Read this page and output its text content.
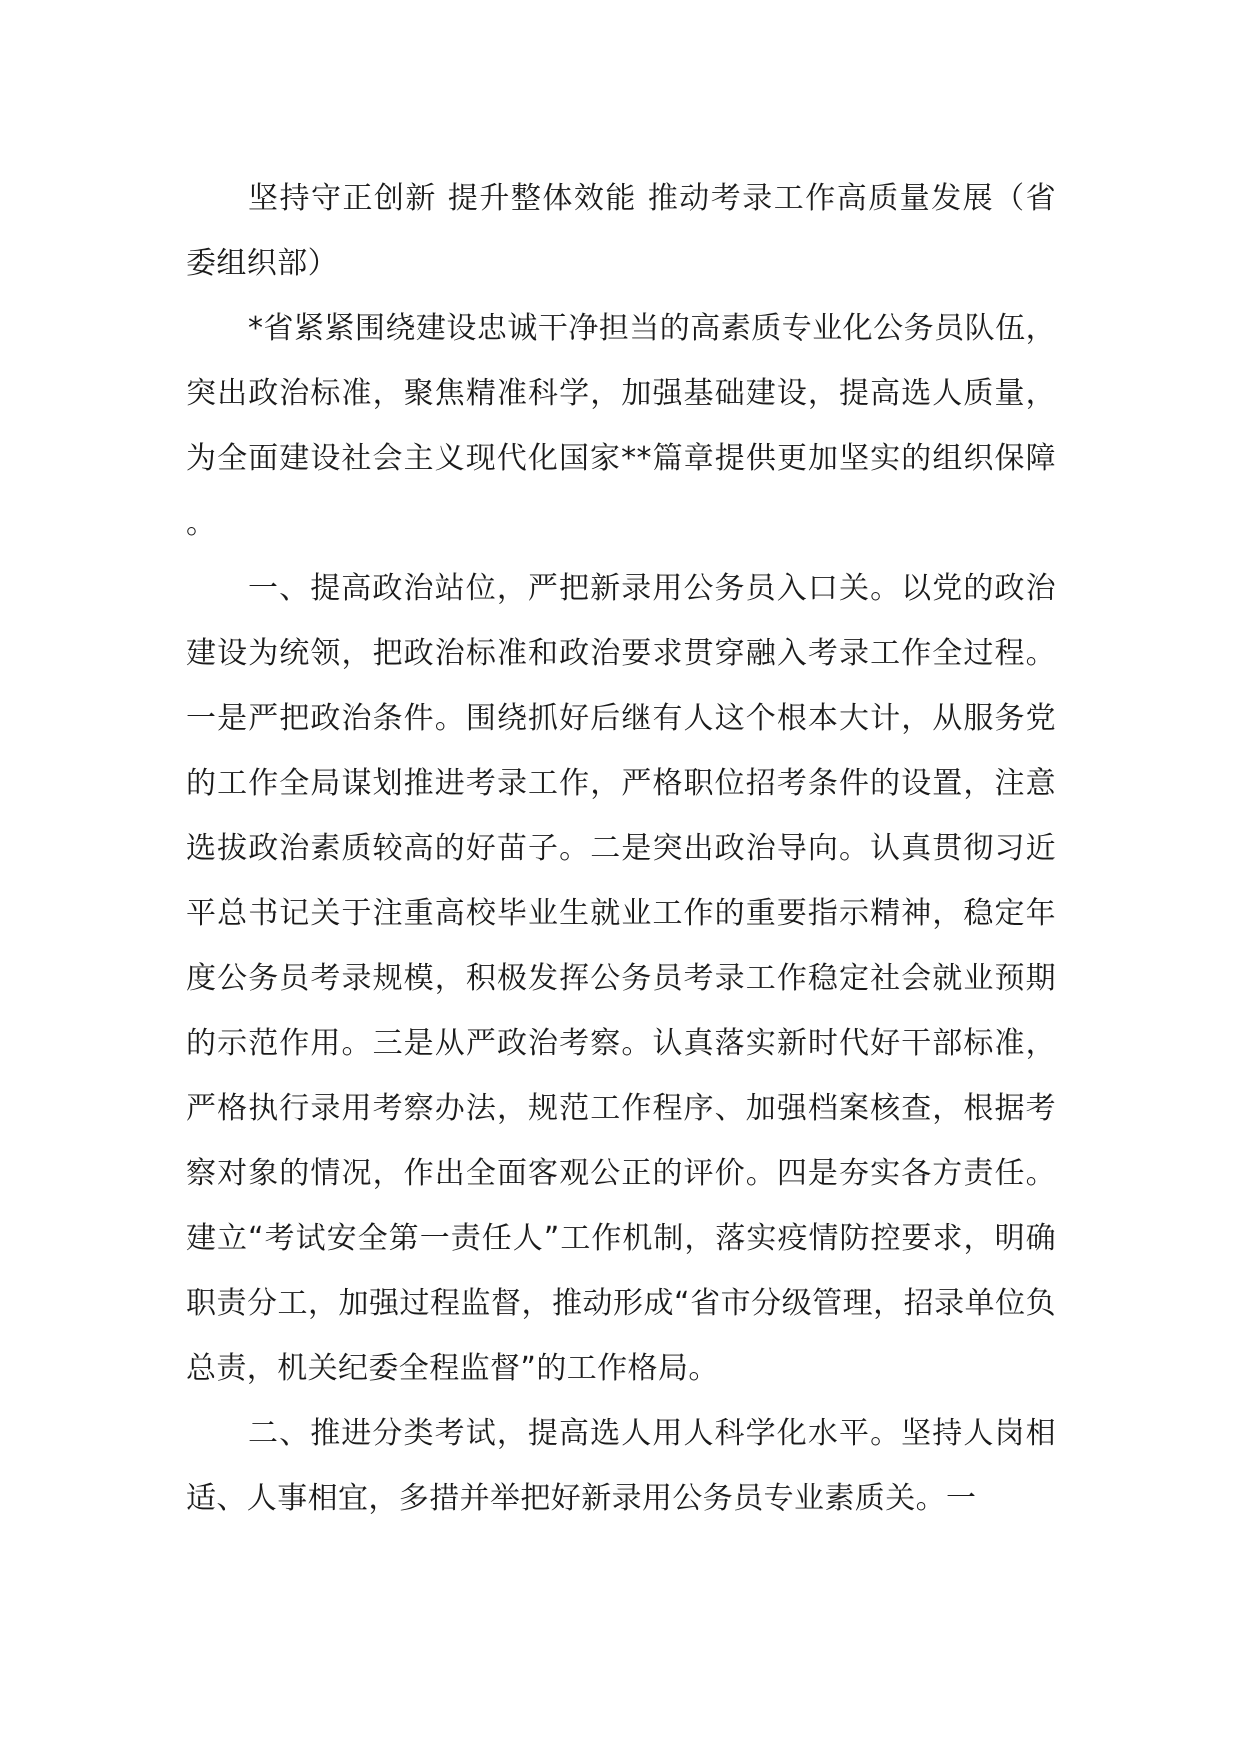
坚持守正创新 提升整体效能 推动考录工作高质量发展（省委组织部）

*省紧紧围绕建设忠诚干净担当的高素质专业化公务员队伍，突出政治标准，聚焦精准科学，加强基础建设，提高选人质量，为全面建设社会主义现代化国家**篇章提供更加坚实的组织保障。

一、提高政治站位，严把新录用公务员入口关。以党的政治建设为统领，把政治标准和政治要求贯穿融入考录工作全过程。一是严把政治条件。围绕抓好后继有人这个根本大计，从服务党的工作全局谋划推进考录工作，严格职位招考条件的设置，注意选拔政治素质较高的好苗子。二是突出政治导向。认真贯彻习近平总书记关于注重高校毕业生就业工作的重要指示精神，稳定年度公务员考录规模，积极发挥公务员考录工作稳定社会就业预期的示范作用。三是从严政治考察。认真落实新时代好干部标准，严格执行录用考察办法，规范工作程序、加强档案核查，根据考察对象的情况，作出全面客观公正的评价。四是夯实各方责任。建立“考试安全第一责任人”工作机制，落实疫情防控要求，明确职责分工，加强过程监督，推动形成“省市分级管理，招录单位负总责，机关纪委全程监督”的工作格局。

二、推进分类考试，提高选人用人科学化水平。坚持人岗相适、人事相宜，多措并举把好新录用公务员专业素质关。一
